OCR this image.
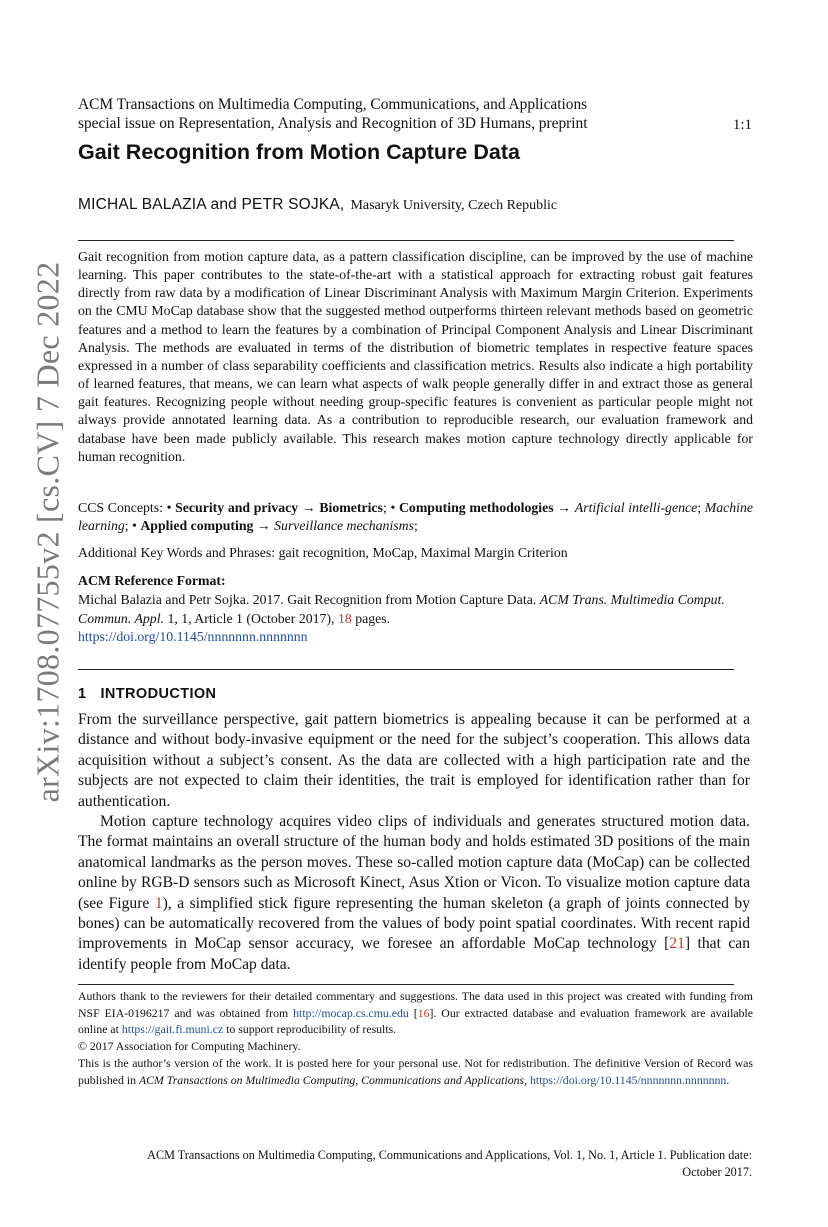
arXiv:1708.07755v2 [cs.CV] 7 Dec 2022
ACM Transactions on Multimedia Computing, Communications, and Applications
special issue on Representation, Analysis and Recognition of 3D Humans, preprint	1:1
Gait Recognition from Motion Capture Data
MICHAL BALAZIA and PETR SOJKA, Masaryk University, Czech Republic
Gait recognition from motion capture data, as a pattern classification discipline, can be improved by the use of machine learning. This paper contributes to the state-of-the-art with a statistical approach for extracting robust gait features directly from raw data by a modification of Linear Discriminant Analysis with Maximum Margin Criterion. Experiments on the CMU MoCap database show that the suggested method outperforms thirteen relevant methods based on geometric features and a method to learn the features by a combination of Principal Component Analysis and Linear Discriminant Analysis. The methods are evaluated in terms of the distribution of biometric templates in respective feature spaces expressed in a number of class separability coefficients and classification metrics. Results also indicate a high portability of learned features, that means, we can learn what aspects of walk people generally differ in and extract those as general gait features. Recognizing people without needing group-specific features is convenient as particular people might not always provide annotated learning data. As a contribution to reproducible research, our evaluation framework and database have been made publicly available. This research makes motion capture technology directly applicable for human recognition.
CCS Concepts: • Security and privacy → Biometrics; • Computing methodologies → Artificial intelli-gence; Machine learning; • Applied computing → Surveillance mechanisms;
Additional Key Words and Phrases: gait recognition, MoCap, Maximal Margin Criterion
ACM Reference Format:
Michal Balazia and Petr Sojka. 2017. Gait Recognition from Motion Capture Data. ACM Trans. Multimedia Comput. Commun. Appl. 1, 1, Article 1 (October 2017), 18 pages.
https://doi.org/10.1145/nnnnnnn.nnnnnnn
1 INTRODUCTION

From the surveillance perspective, gait pattern biometrics is appealing because it can be performed at a distance and without body-invasive equipment or the need for the subject’s cooperation. This allows data acquisition without a subject’s consent. As the data are collected with a high participation rate and the subjects are not expected to claim their identities, the trait is employed for identification rather than for authentication.

Motion capture technology acquires video clips of individuals and generates structured motion data. The format maintains an overall structure of the human body and holds estimated 3D positions of the main anatomical landmarks as the person moves. These so-called motion capture data (MoCap) can be collected online by RGB-D sensors such as Microsoft Kinect, Asus Xtion or Vicon. To visualize motion capture data (see Figure 1), a simplified stick figure representing the human skeleton (a graph of joints connected by bones) can be automatically recovered from the values of body point spatial coordinates. With recent rapid improvements in MoCap sensor accuracy, we foresee an affordable MoCap technology [21] that can identify people from MoCap data.

Authors thank to the reviewers for their detailed commentary and suggestions. The data used in this project was created with funding from NSF EIA-0196217 and was obtained from http://mocap.cs.cmu.edu [16]. Our extracted database and evaluation framework are available online at https://gait.fi.muni.cz to support reproducibility of results.
© 2017 Association for Computing Machinery.
This is the author’s version of the work. It is posted here for your personal use. Not for redistribution. The definitive Version of Record was published in ACM Transactions on Multimedia Computing, Communications and Applications, https://doi.org/10.1145/nnnnnnn.nnnnnnn.
ACM Transactions on Multimedia Computing, Communications and Applications, Vol. 1, No. 1, Article 1. Publication date:
October 2017.
